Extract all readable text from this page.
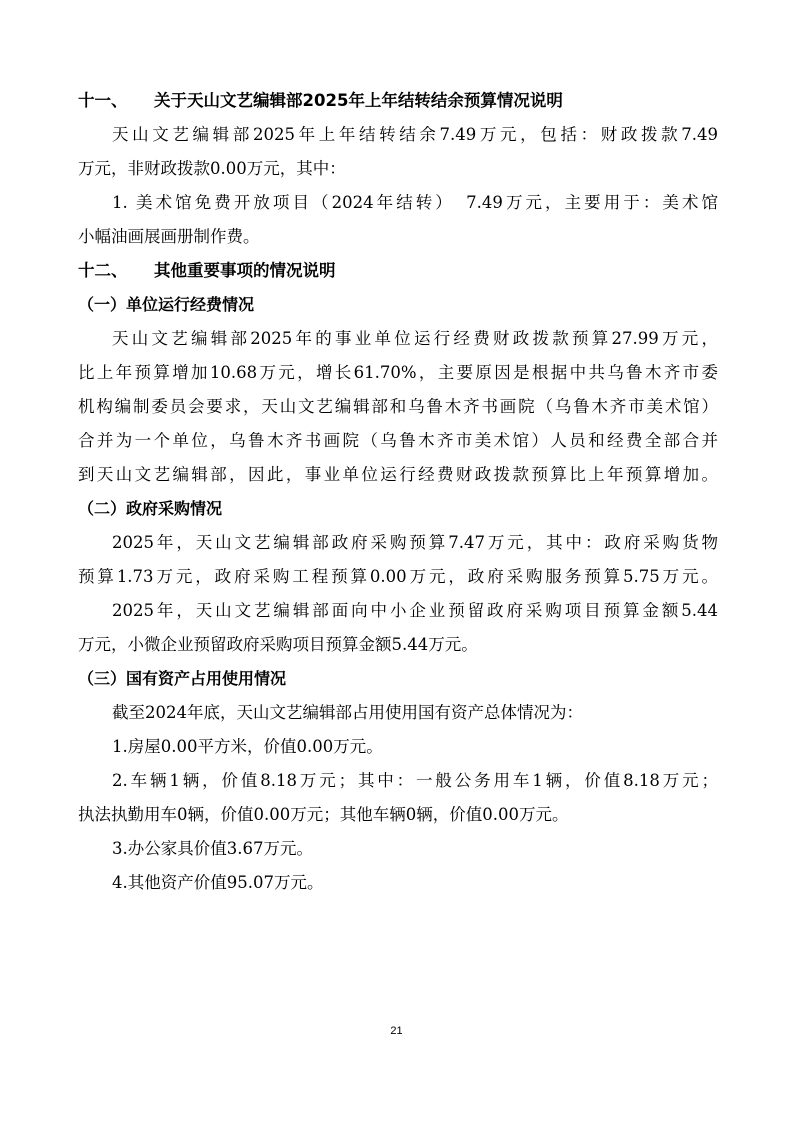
十一、 关于天山文艺编辑部2025年上年结转结余预算情况说明
天山文艺编辑部2025年上年结转结余7.49万元，包括：财政拨款7.49
万元，非财政拨款0.00万元，其中：
1. 美术馆免费开放项目（2024年结转）　7.49万元，主要用于：美术馆
小幅油画展画册制作费。
十二、 其他重要事项的情况说明
（一）单位运行经费情况
天山文艺编辑部2025年的事业单位运行经费财政拨款预算27.99万元，
比上年预算增加10.68万元，增长61.70%，主要原因是根据中共乌鲁木齐市委
机构编制委员会要求，天山文艺编辑部和乌鲁木齐书画院（乌鲁木齐市美术馆）
合并为一个单位，乌鲁木齐书画院（乌鲁木齐市美术馆）人员和经费全部合并
到天山文艺编辑部，因此，事业单位运行经费财政拨款预算比上年预算增加。
（二）政府采购情况
2025年，天山文艺编辑部政府采购预算7.47万元，其中：政府采购货物
预算1.73万元，政府采购工程预算0.00万元，政府采购服务预算5.75万元。
2025年，天山文艺编辑部面向中小企业预留政府采购项目预算金额5.44
万元，小微企业预留政府采购项目预算金额5.44万元。
（三）国有资产占用使用情况
截至2024年底，天山文艺编辑部占用使用国有资产总体情况为：
1.房屋0.00平方米，价值0.00万元。
2.车辆1辆，价值8.18万元；其中：一般公务用车1辆，价值8.18万元；
执法执勤用车0辆，价值0.00万元；其他车辆0辆，价值0.00万元。
3.办公家具价值3.67万元。
4.其他资产价值95.07万元。
21
